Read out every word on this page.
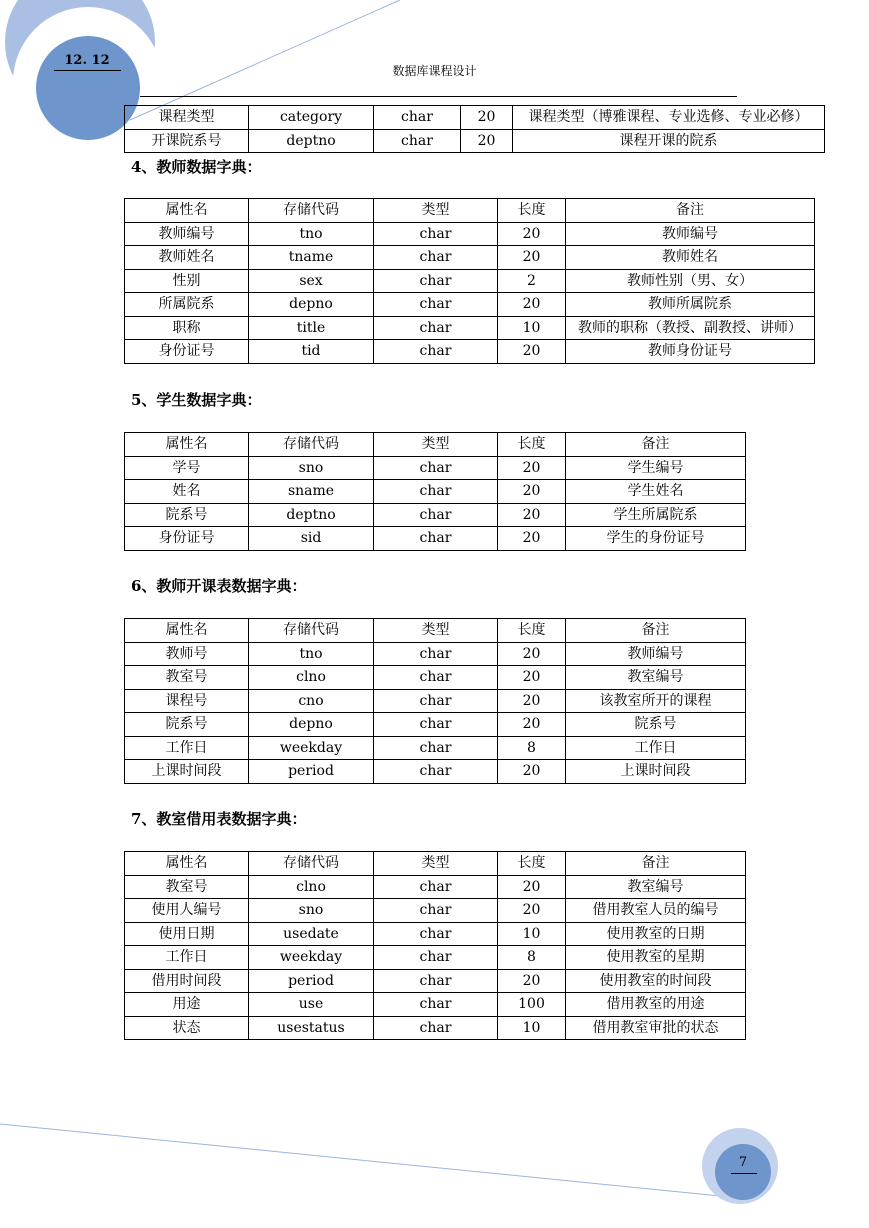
12. 12
数据库课程设计
课程类型	category	char	20	课程类型（博雅课程、专业选修、专业必修）
开课院系号	deptno	char	20	课程开课的院系
4、教师数据字典：
属性名	存储代码	类型	长度	备注
教师编号	tno	char	20	教师编号
教师姓名	tname	char	20	教师姓名
性别	sex	char	2	教师性别（男、女）
所属院系	depno	char	20	教师所属院系
职称	title	char	10	教师的职称（教授、副教授、讲师）
身份证号	tid	char	20	教师身份证号
5、学生数据字典：
属性名	存储代码	类型	长度	备注
学号	sno	char	20	学生编号
姓名	sname	char	20	学生姓名
院系号	deptno	char	20	学生所属院系
身份证号	sid	char	20	学生的身份证号
6、教师开课表数据字典：
属性名	存储代码	类型	长度	备注
教师号	tno	char	20	教师编号
教室号	clno	char	20	教室编号
课程号	cno	char	20	该教室所开的课程
院系号	depno	char	20	院系号
工作日	weekday	char	8	工作日
上课时间段	period	char	20	上课时间段
7、教室借用表数据字典：
属性名	存储代码	类型	长度	备注
教室号	clno	char	20	教室编号
使用人编号	sno	char	20	借用教室人员的编号
使用日期	usedate	char	10	使用教室的日期
工作日	weekday	char	8	使用教室的星期
借用时间段	period	char	20	使用教室的时间段
用途	use	char	100	借用教室的用途
状态	usestatus	char	10	借用教室审批的状态
7
